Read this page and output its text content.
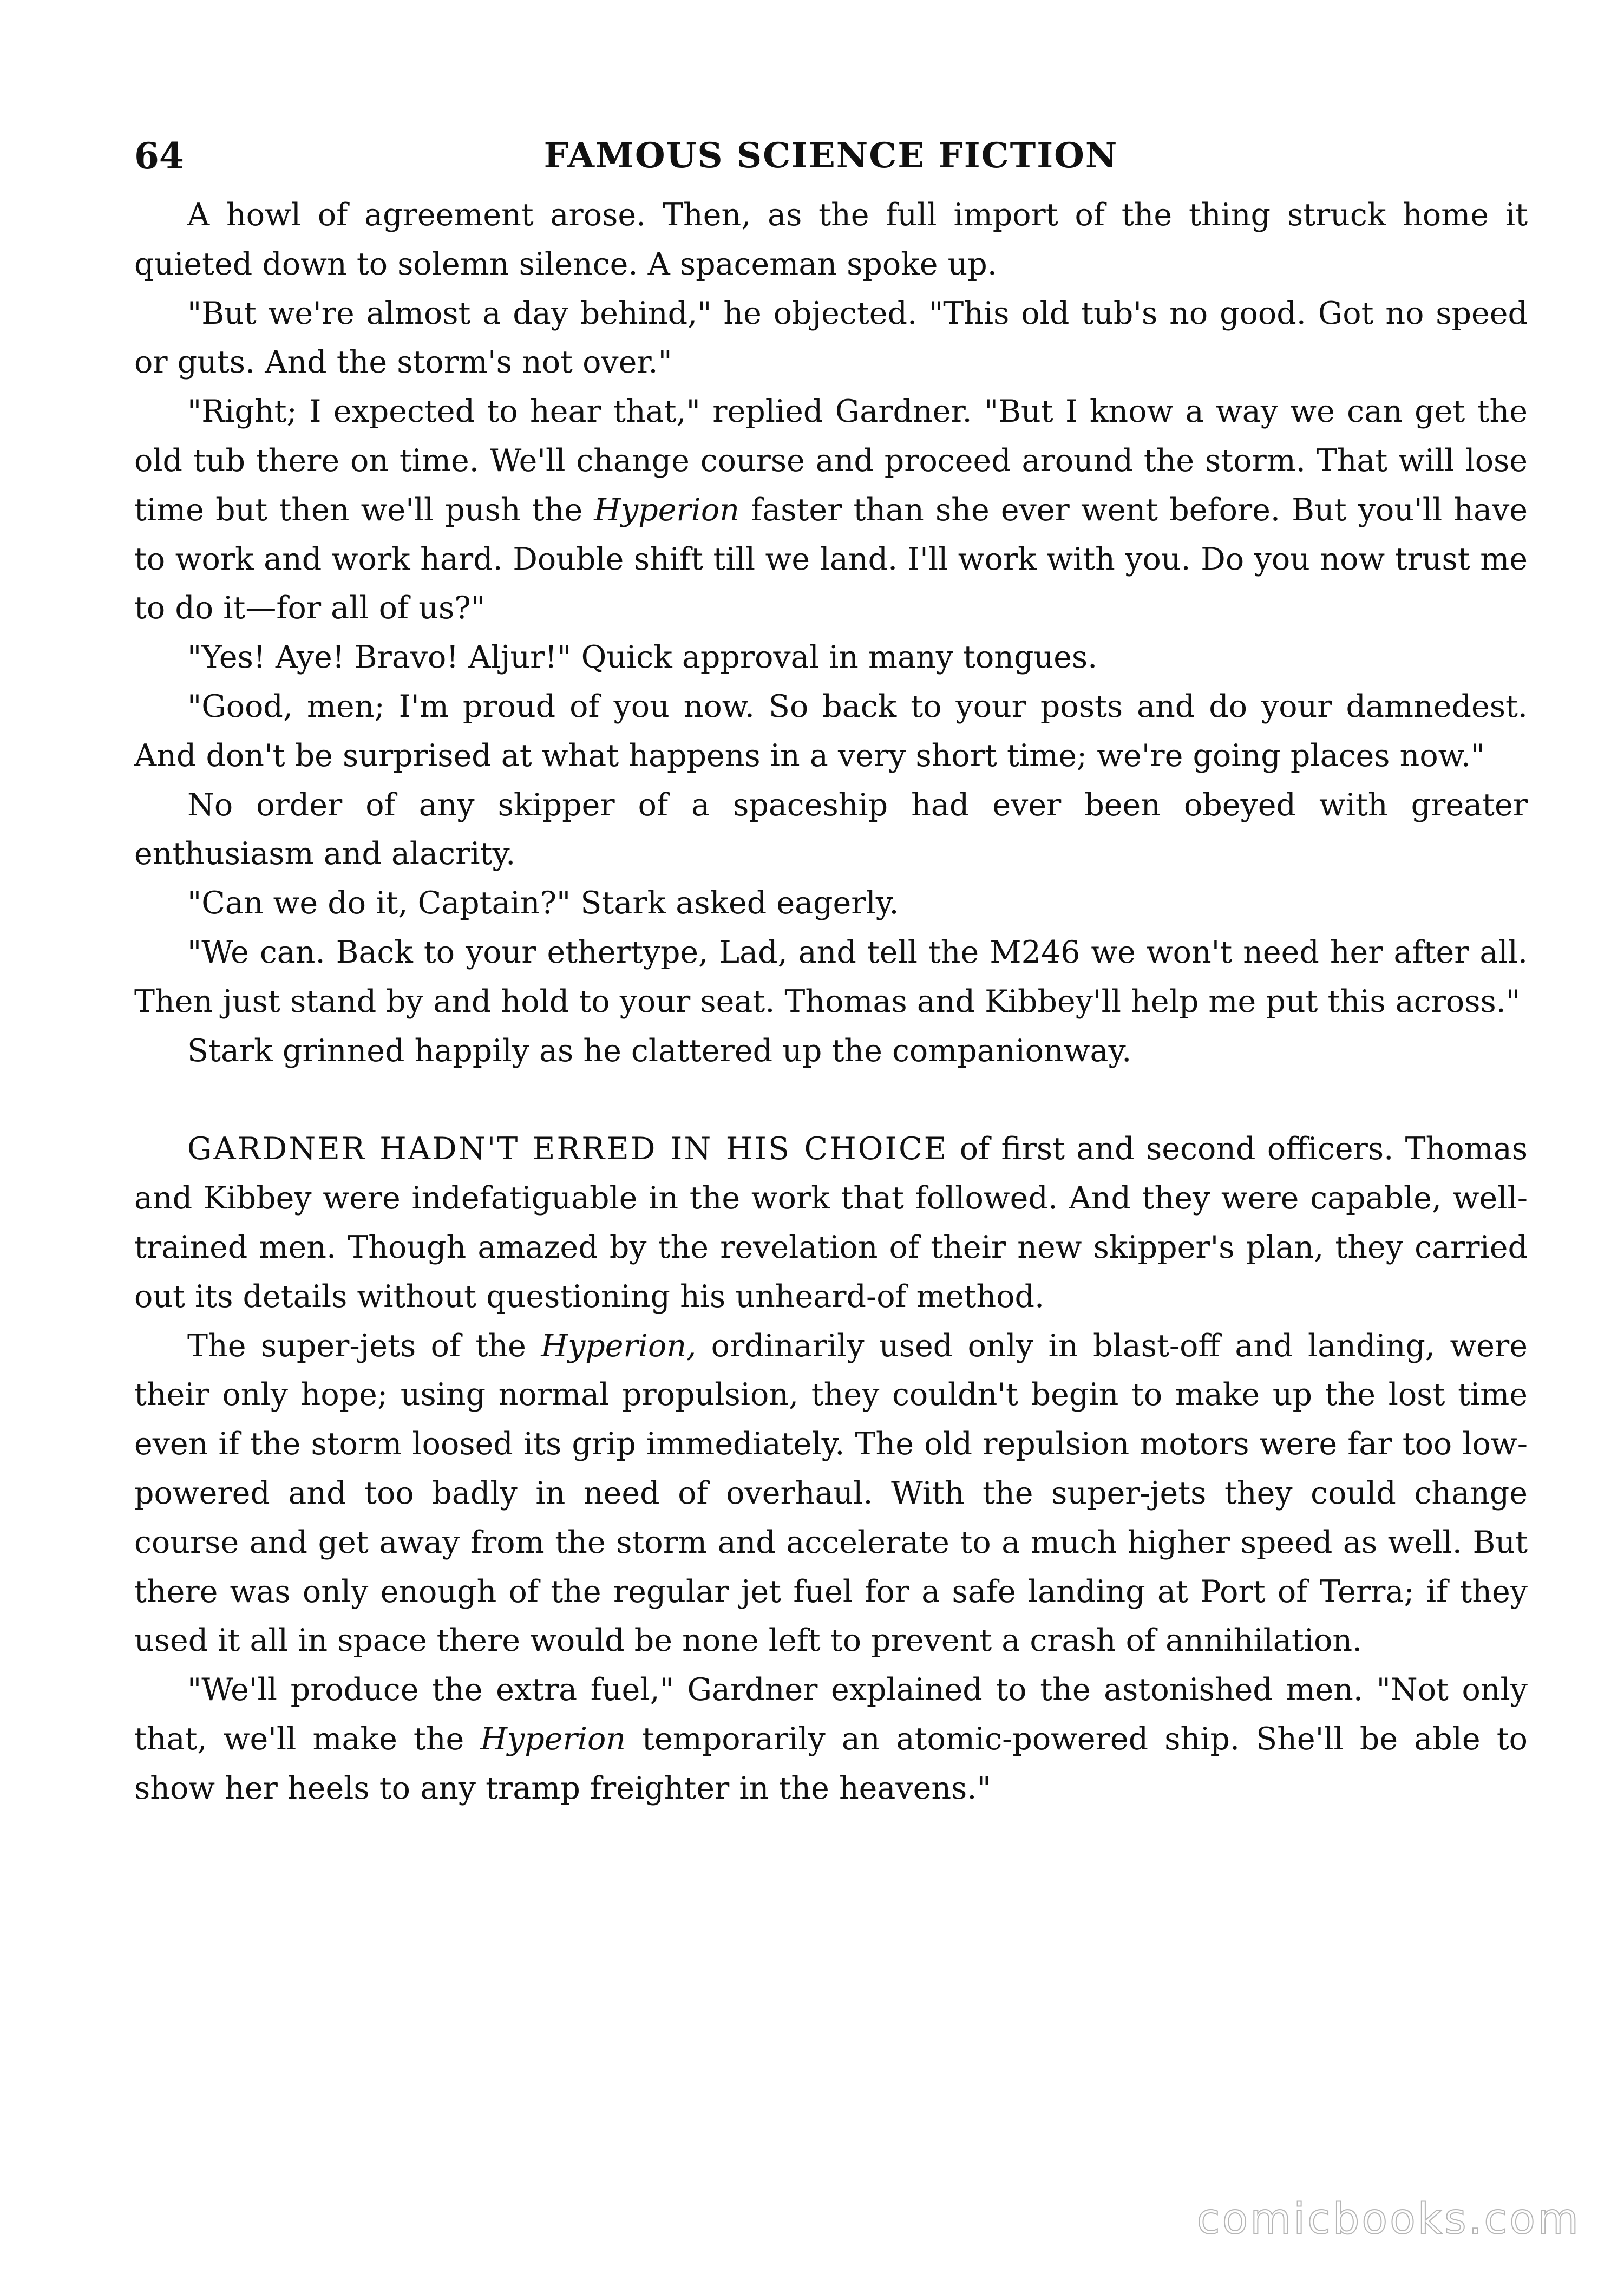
64	FAMOUS SCIENCE FICTION

A howl of agreement arose. Then, as the full import of the thing struck home it quieted down to solemn silence. A spaceman spoke up.

"But we're almost a day behind," he objected. "This old tub's no good. Got no speed or guts. And the storm's not over."

"Right; I expected to hear that," replied Gardner. "But I know a way we can get the old tub there on time. We'll change course and proceed around the storm. That will lose time but then we'll push the Hyperion faster than she ever went before. But you'll have to work and work hard. Double shift till we land. I'll work with you. Do you now trust me to do it—for all of us?"

"Yes! Aye! Bravo! Aljur!" Quick approval in many tongues.

"Good, men; I'm proud of you now. So back to your posts and do your damnedest. And don't be surprised at what happens in a very short time; we're going places now."

No order of any skipper of a spaceship had ever been obeyed with greater enthusiasm and alacrity.

"Can we do it, Captain?" Stark asked eagerly.

"We can. Back to your ethertype, Lad, and tell the M246 we won't need her after all. Then just stand by and hold to your seat. Thomas and Kibbey'll help me put this across."

Stark grinned happily as he clattered up the companionway.

GARDNER HADN'T ERRED IN HIS CHOICE of first and second officers. Thomas and Kibbey were indefatiguable in the work that followed. And they were capable, well-trained men. Though amazed by the revelation of their new skipper's plan, they carried out its details without questioning his unheard-of method.

The super-jets of the Hyperion, ordinarily used only in blast-off and landing, were their only hope; using normal propulsion, they couldn't begin to make up the lost time even if the storm loosed its grip immediately. The old repulsion motors were far too low-powered and too badly in need of overhaul. With the super-jets they could change course and get away from the storm and accelerate to a much higher speed as well. But there was only enough of the regular jet fuel for a safe landing at Port of Terra; if they used it all in space there would be none left to prevent a crash of annihilation.

"We'll produce the extra fuel," Gardner explained to the astonished men. "Not only that, we'll make the Hyperion temporarily an atomic-powered ship. She'll be able to show her heels to any tramp freighter in the heavens."

comicbooks.com
